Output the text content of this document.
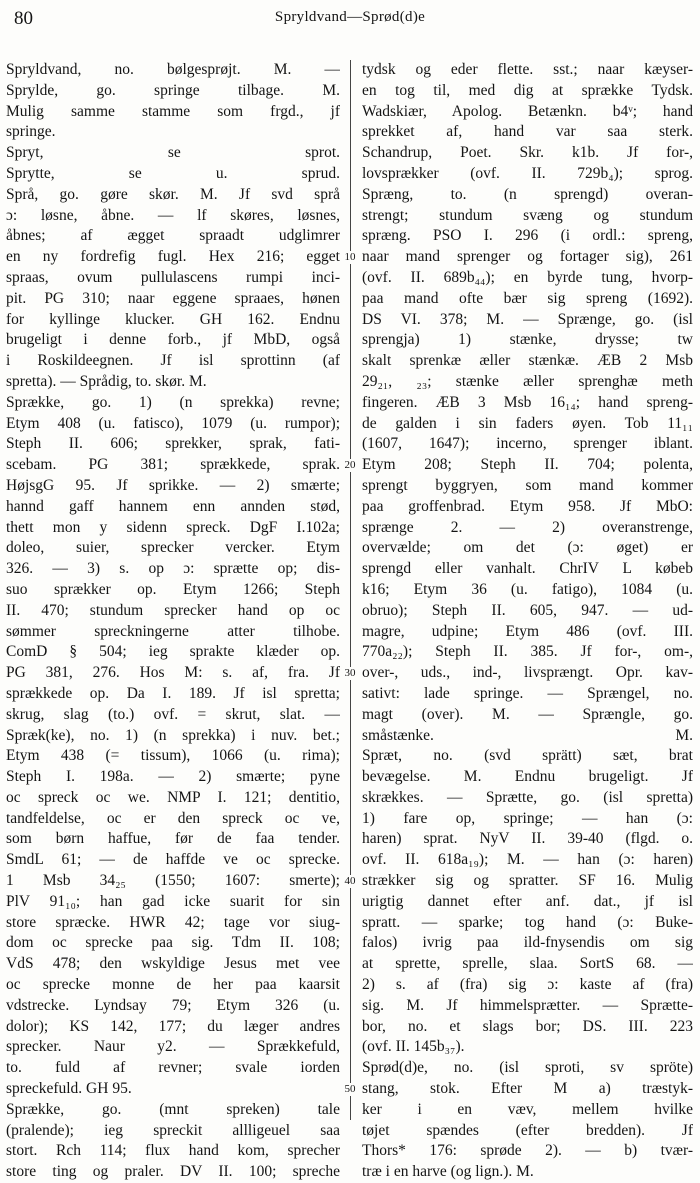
80	Spryldvand—Sprød(d)e
Spryldvand, no. bølgesprøjt. M. —
Sprylde, go. springe tilbage. M.
Mulig samme stamme som frgd., jf
springe.
Spryt, se sprot.
Sprytte, se u. sprud.
Språ, go. gøre skør. M. Jf svd språ
ɔ: løsne, åbne. — lf skøres, løsnes,
åbnes; af ægget spraadt udglimrer
en ny fordrefig fugl. Hex 216; egget
spraas, ovum pullulascens rumpi inci-
pit. PG 310; naar eggene spraaes, hønen
for kyllinge klucker. GH 162. Endnu
brugeligt i denne forb., jf MbD, også
i Roskildeegnen. Jf isl sprottinn (af
spretta). — Språdig, to. skør. M.
Sprække, go. 1) (n sprekka) revne;
Etym 408 (u. fatisco), 1079 (u. rumpor);
Steph II. 606; sprekker, sprak, fati-
scebam. PG 381; sprækkede, sprak.
HøjsgG 95. Jf sprikke. — 2) smærte;
hannd gaff hannem enn annden stød,
thett mon y sidenn spreck. DgF I.102a;
doleo, suier, sprecker vercker. Etym
326. — 3) s. op ɔ: sprætte op; dis-
suo sprækker op. Etym 1266; Steph
II. 470; stundum sprecker hand op oc
sømmer spreckningerne atter tilhobe.
ComD § 504; ieg sprakte klæder op.
PG 381, 276. Hos M: s. af, fra. Jf
sprækkede op. Da I. 189. Jf isl spretta;
skrug, slag (to.) ovf. = skrut, slat. —
Spræk(ke), no. 1) (n sprekka) i nuv. bet.;
Etym 438 (= tissum), 1066 (u. rima);
Steph I. 198a. — 2) smærte; pyne
oc spreck oc we. NMP I. 121; dentitio,
tandfeldelse, oc er den spreck oc ve,
som børn haffue, før de faa tender.
SmdL 61; — de haffde ve oc sprecke.
1 Msb 34₂₅ (1550; 1607: smerte);
PlV 91₁₀; han gad icke suarit for sin
store spræcke. HWR 42; tage vor siug-
dom oc sprecke paa sig. Tdm II. 108;
VdS 478; den wskyldige Jesus met vee
oc sprecke monne de her paa kaarsit
vdstrecke. Lyndsay 79; Etym 326 (u.
dolor); KS 142, 177; du læger andres
sprecker. Naur y2. — Sprækkefuld,
to. fuld af revner; svale iorden
spreckefuld. GH 95.
Sprække, go. (mnt spreken) tale
(pralende); ieg spreckit allligeuel saa
stort. Rch 114; flux hand kom, sprecher
store ting og praler. DV II. 100; spreche
tydsk og eder flette. sst.; naar kæyser-
en tog til, med dig at sprække Tydsk.
Wadskiær, Apolog. Betænkn. b4ᵛ; hand
sprekket af, hand var saa sterk.
Schandrup, Poet. Skr. k1b. Jf for-,
lovsprækker (ovf. II. 729b₄); sprog.
Spræng, to. (n sprengd) overan-
strengt; stundum svæng og stundum
spræng. PSO I. 296 (i ordl.: spreng,
naar mand sprenger og fortager sig), 261
(ovf. II. 689b₄₄); en byrde tung, hvorp-
paa mand ofte bær sig spreng (1692).
DS VI. 378; M. — Sprænge, go. (isl
sprengja) 1) stænke, drysse; tw
skalt sprenkæ æller stænkæ. ÆB 2 Msb
29₂₁, ₂₃; stænke æller sprenghæ meth
fingeren. ÆB 3 Msb 16₁₄; hand spreng-
de galden i sin faders øyen. Tob 11₁₁
(1607, 1647); incerno, sprenger iblant.
Etym 208; Steph II. 704; polenta,
sprengt byggryen, som mand kommer
paa groffenbrad. Etym 958. Jf MbO:
sprænge 2. — 2) overanstrenge,
overvælde; om det (ɔ: øget) er
sprengd eller vanhalt. ChrIV L købeb
k16; Etym 36 (u. fatigo), 1084 (u.
obruo); Steph II. 605, 947. — ud-
magre, udpine; Etym 486 (ovf. III.
770a₂₂); Steph II. 385. Jf for-, om-,
over-, uds., ind-, livsprængt. Opr. kav-
sativt: lade springe. — Sprængel, no.
magt (over). M. — Sprængle, go.
småstænke. M.
Spræt, no. (svd sprätt) sæt, brat
bevægelse. M. Endnu brugeligt. Jf
skrækkes. — Sprætte, go. (isl spretta)
1) fare op, springe; — han (ɔ:
haren) sprat. NyV II. 39-40 (flgd. o.
ovf. II. 618a₁₉); M. — han (ɔ: haren)
strækker sig og spratter. SF 16. Mulig
urigtig dannet efter anf. dat., jf isl
spratt. — sparke; tog hand (ɔ: Buke-
falos) ivrig paa ild-fnysendis om sig
at sprette, sprelle, slaa. SortS 68. —
2) s. af (fra) sig ɔ: kaste af (fra)
sig. M. Jf himmelsprætter. — Sprætte-
bor, no. et slags bor; DS. III. 223
(ovf. II. 145b₃₇).
Sprød(d)e, no. (isl sproti, sv spröte)
stang, stok. Efter M a) træstyk-
ker i en væv, mellem hvilke
tøjet spændes (efter bredden). Jf
Thors* 176: sprøde 2). — b) tvær-
træ i en harve (og lign.). M.
10
20
30
40
50
